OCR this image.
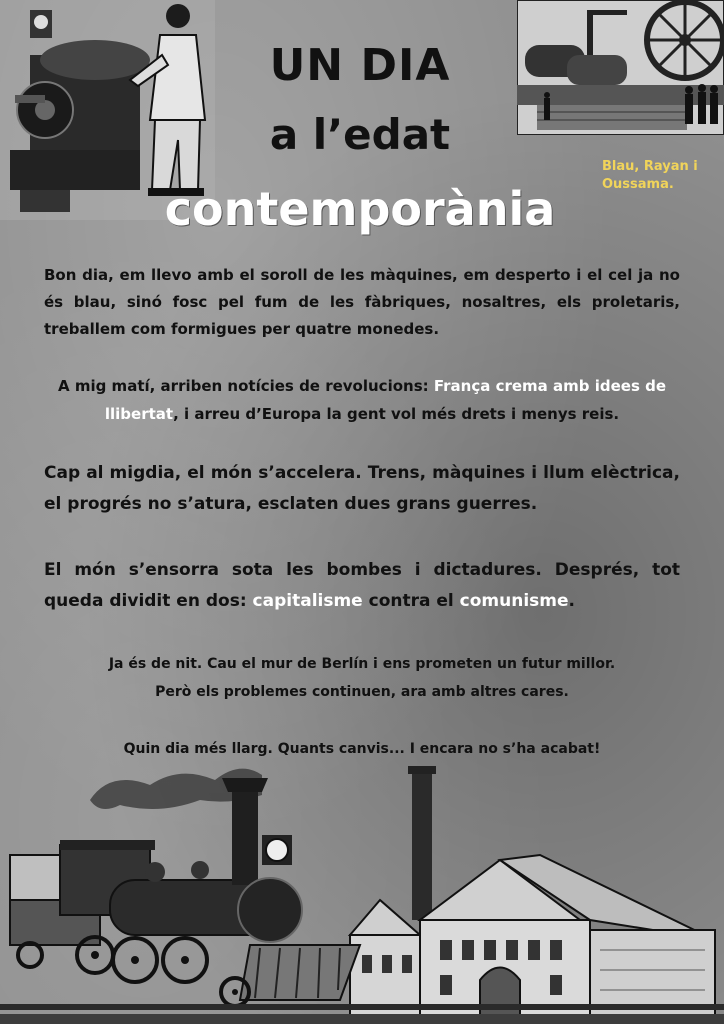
UN DIA
a l’edat
contemporània
Blau, Rayan i Oussama.

Bon dia, em llevo amb el soroll de les màquines, em desperto i el cel ja no és blau, sinó fosc pel fum de les fàbriques, nosaltres, els proletaris, treballem com formigues per quatre monedes.

A mig matí, arriben notícies de revolucions: França crema amb idees de llibertat, i arreu d’Europa la gent vol més drets i menys reis.

Cap al migdia, el món s’accelera. Trens, màquines i llum elèctrica, el progrés no s’atura, esclaten dues grans guerres.

El món s’ensorra sota les bombes i dictadures. Després, tot queda dividit en dos: capitalisme contra el comunisme.

Ja és de nit. Cau el mur de Berlín i ens prometen un futur millor.
Però els problemes continuen, ara amb altres cares.

Quin dia més llarg. Quants canvis... I encara no s’ha acabat!
